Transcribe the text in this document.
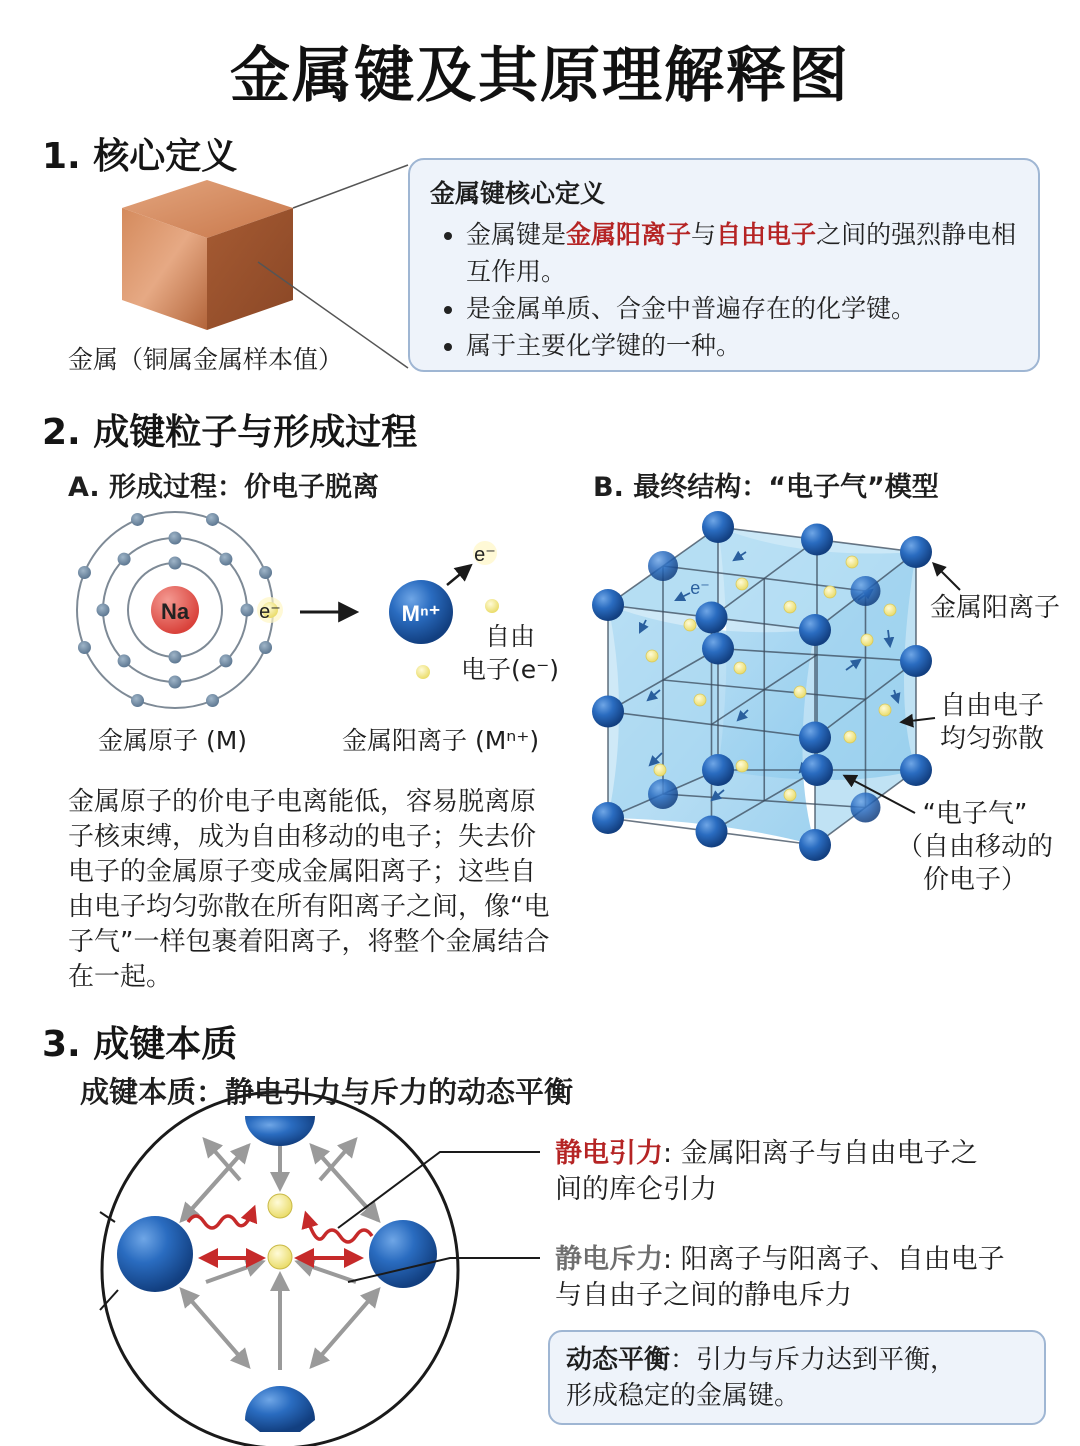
金属键及其原理解释图
1. 核心定义
Na	e⁻	Mⁿ⁺
e⁻
e⁻
金属（铜属金属样本值）
金属键核心定义
• 金属键是金属阳离子与自由电子之间的强烈静电相互作用。
• 是金属单质、合金中普遍存在的化学键。
• 属于主要化学键的一种。
2. 成键粒子与形成过程
A. 形成过程：价电子脱离	B. 最终结构：“电子气”模型
自由
电子(e⁻)
金属原子 (M)	金属阳离子 (Mⁿ⁺)
金属原子的价电子电离能低，容易脱离原子核束缚，成为自由移动的电子；失去价电子的金属原子变成金属阳离子；这些自由电子均匀弥散在所有阳离子之间，像“电子气”一样包裹着阳离子，将整个金属结合在一起。
金属阳离子
自由电子
均匀弥散
“电子气”
（自由移动的
价电子）
3. 成键本质
成键本质：静电引力与斥力的动态平衡
静电引力: 金属阳离子与自由电子之
间的库仑引力
静电斥力: 阳离子与阳离子、自由电子
与自由子之间的静电斥力
动态平衡：引力与斥力达到平衡，
形成稳定的金属键。
